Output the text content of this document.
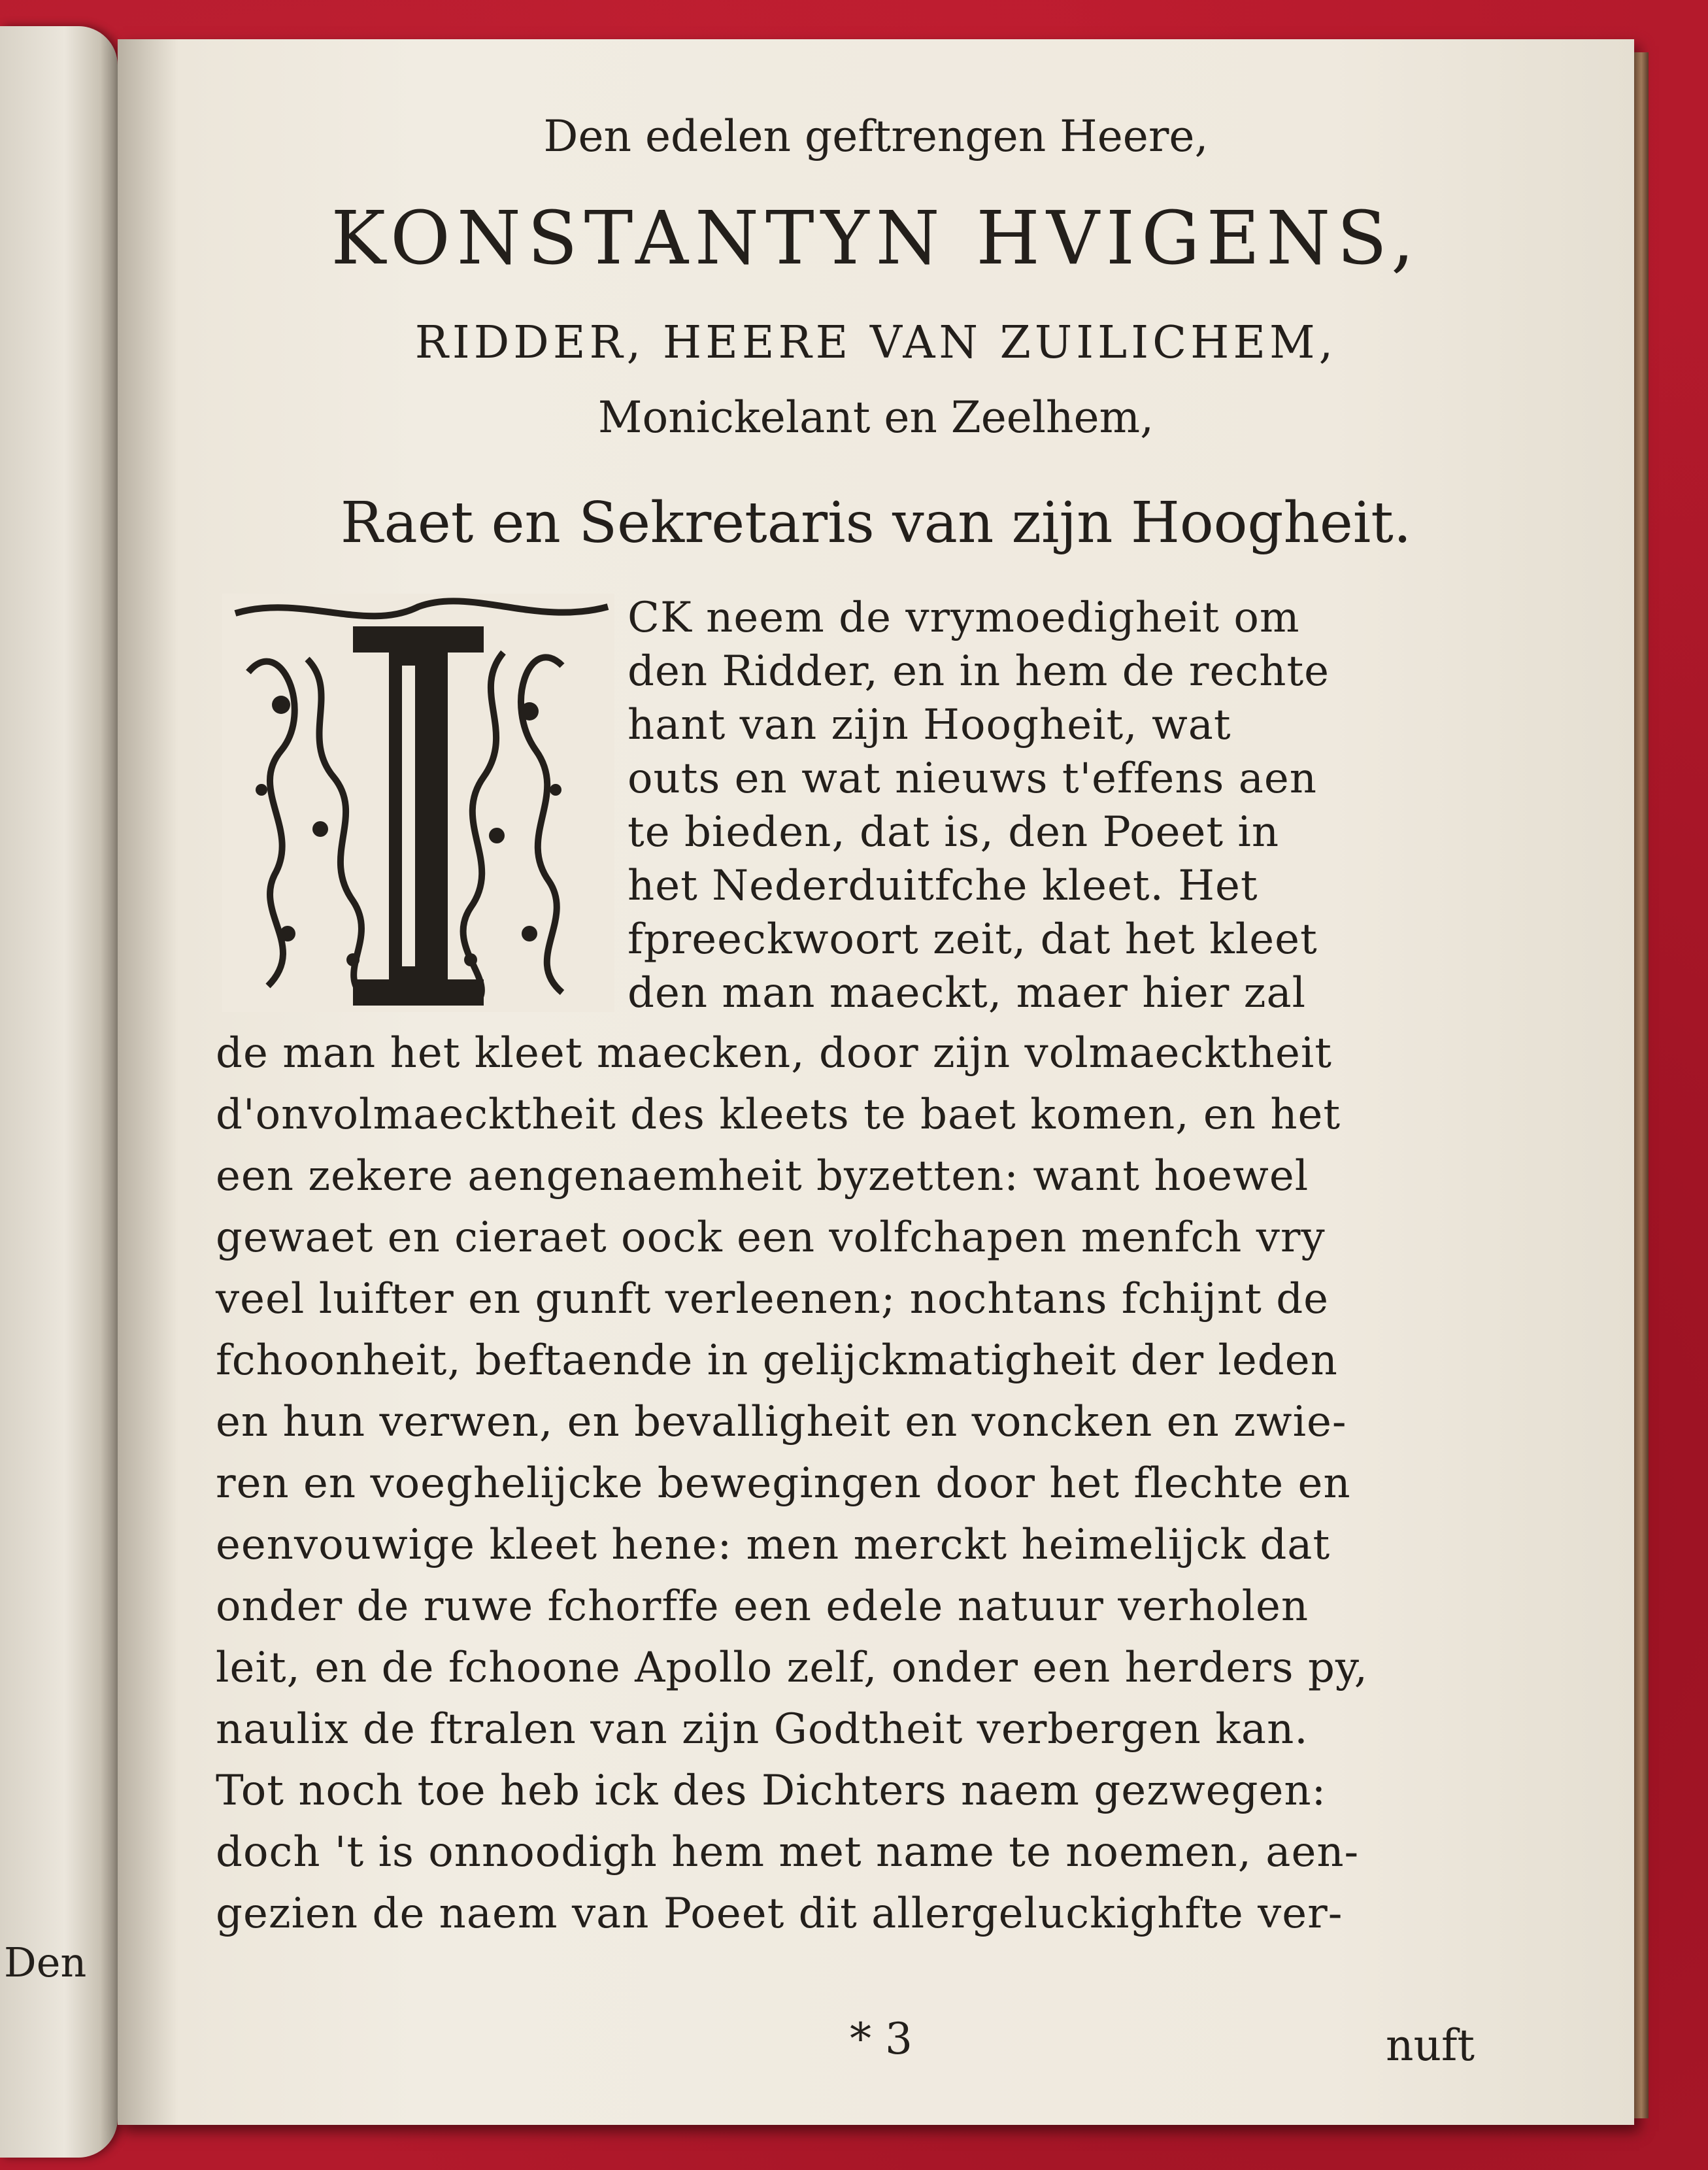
Den
Den edelen geftrengen Heere,
KONSTANTYN HVIGENS,
RIDDER, HEERE VAN ZUILICHEM,
Monickelant en Zeelhem,
Raet en Sekretaris van zijn Hoogheit.
CK neem de vrymoedigheit om
den Ridder, en in hem de rechte
hant van zijn Hoogheit, wat
outs en wat nieuws t'effens aen
te bieden, dat is, den Poeet in
het Nederduitfche kleet. Het
fpreeckwoort zeit, dat het kleet
den man maeckt, maer hier zal
de man het kleet maecken, door zijn volmaecktheit
d'onvolmaecktheit des kleets te baet komen, en het
een zekere aengenaemheit byzetten: want hoewel
gewaet en cieraet oock een volfchapen menfch vry
veel luifter en gunft verleenen; nochtans fchijnt de
fchoonheit, beftaende in gelijckmatigheit der leden
en hun verwen, en bevalligheit en voncken en zwie-
ren en voeghelijcke bewegingen door het flechte en
eenvouwige kleet hene: men merckt heimelijck dat
onder de ruwe fchorffe een edele natuur verholen
leit, en de fchoone Apollo zelf, onder een herders py,
naulix de ftralen van zijn Godtheit verbergen kan.
Tot noch toe heb ick des Dichters naem gezwegen:
doch 't is onnoodigh hem met name te noemen, aen-
gezien de naem van Poeet dit allergeluckighfte ver-
* 3	nuft
